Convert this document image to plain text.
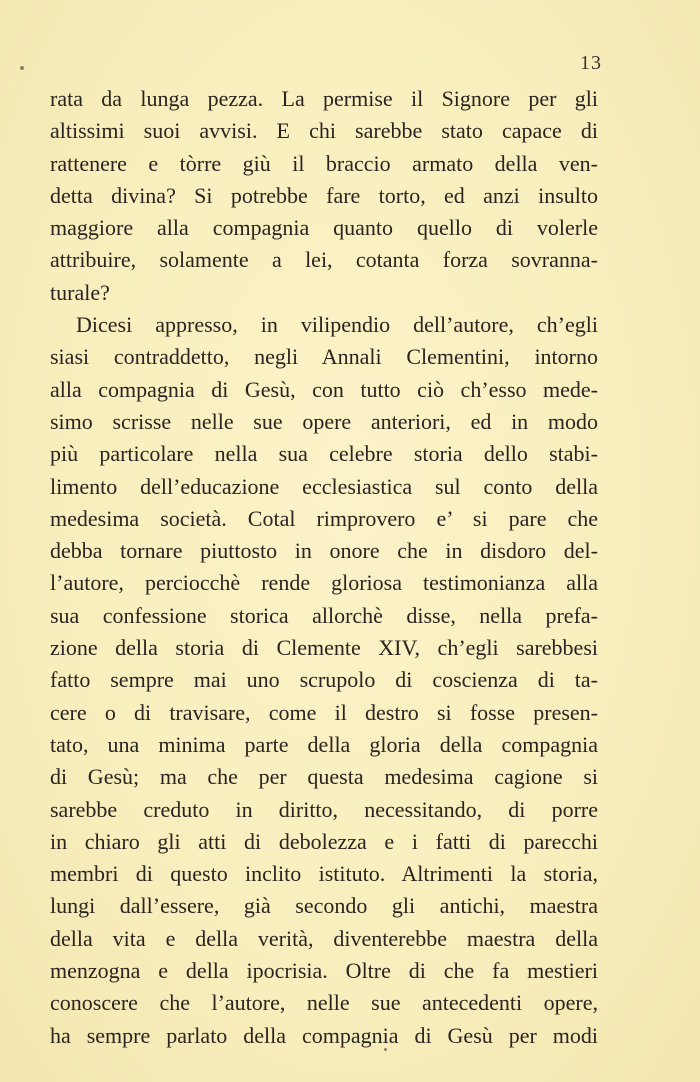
13
rata da lunga pezza. La permise il Signore per gli
altissimi suoi avvisi. E chi sarebbe stato capace di
rattenere e tòrre giù il braccio armato della ven-
detta divina? Si potrebbe fare torto, ed anzi insulto
maggiore alla compagnia quanto quello di volerle
attribuire, solamente a lei, cotanta forza sovranna-
turale?
Dicesi appresso, in vilipendio dell’autore, ch’egli
siasi contraddetto, negli Annali Clementini, intorno
alla compagnia di Gesù, con tutto ciò ch’esso mede-
simo scrisse nelle sue opere anteriori, ed in modo
più particolare nella sua celebre storia dello stabi-
limento dell’educazione ecclesiastica sul conto della
medesima società. Cotal rimprovero e’ si pare che
debba tornare piuttosto in onore che in disdoro del-
l’autore, perciocchè rende gloriosa testimonianza alla
sua confessione storica allorchè disse, nella prefa-
zione della storia di Clemente XIV, ch’egli sarebbesi
fatto sempre mai uno scrupolo di coscienza di ta-
cere o di travisare, come il destro si fosse presen-
tato, una minima parte della gloria della compagnia
di Gesù; ma che per questa medesima cagione si
sarebbe creduto in diritto, necessitando, di porre
in chiaro gli atti di debolezza e i fatti di parecchi
membri di questo inclito istituto. Altrimenti la storia,
lungi dall’essere, già secondo gli antichi, maestra
della vita e della verità, diventerebbe maestra della
menzogna e della ipocrisia. Oltre di che fa mestieri
conoscere che l’autore, nelle sue antecedenti opere,
ha sempre parlato della compagnia di Gesù per modi
